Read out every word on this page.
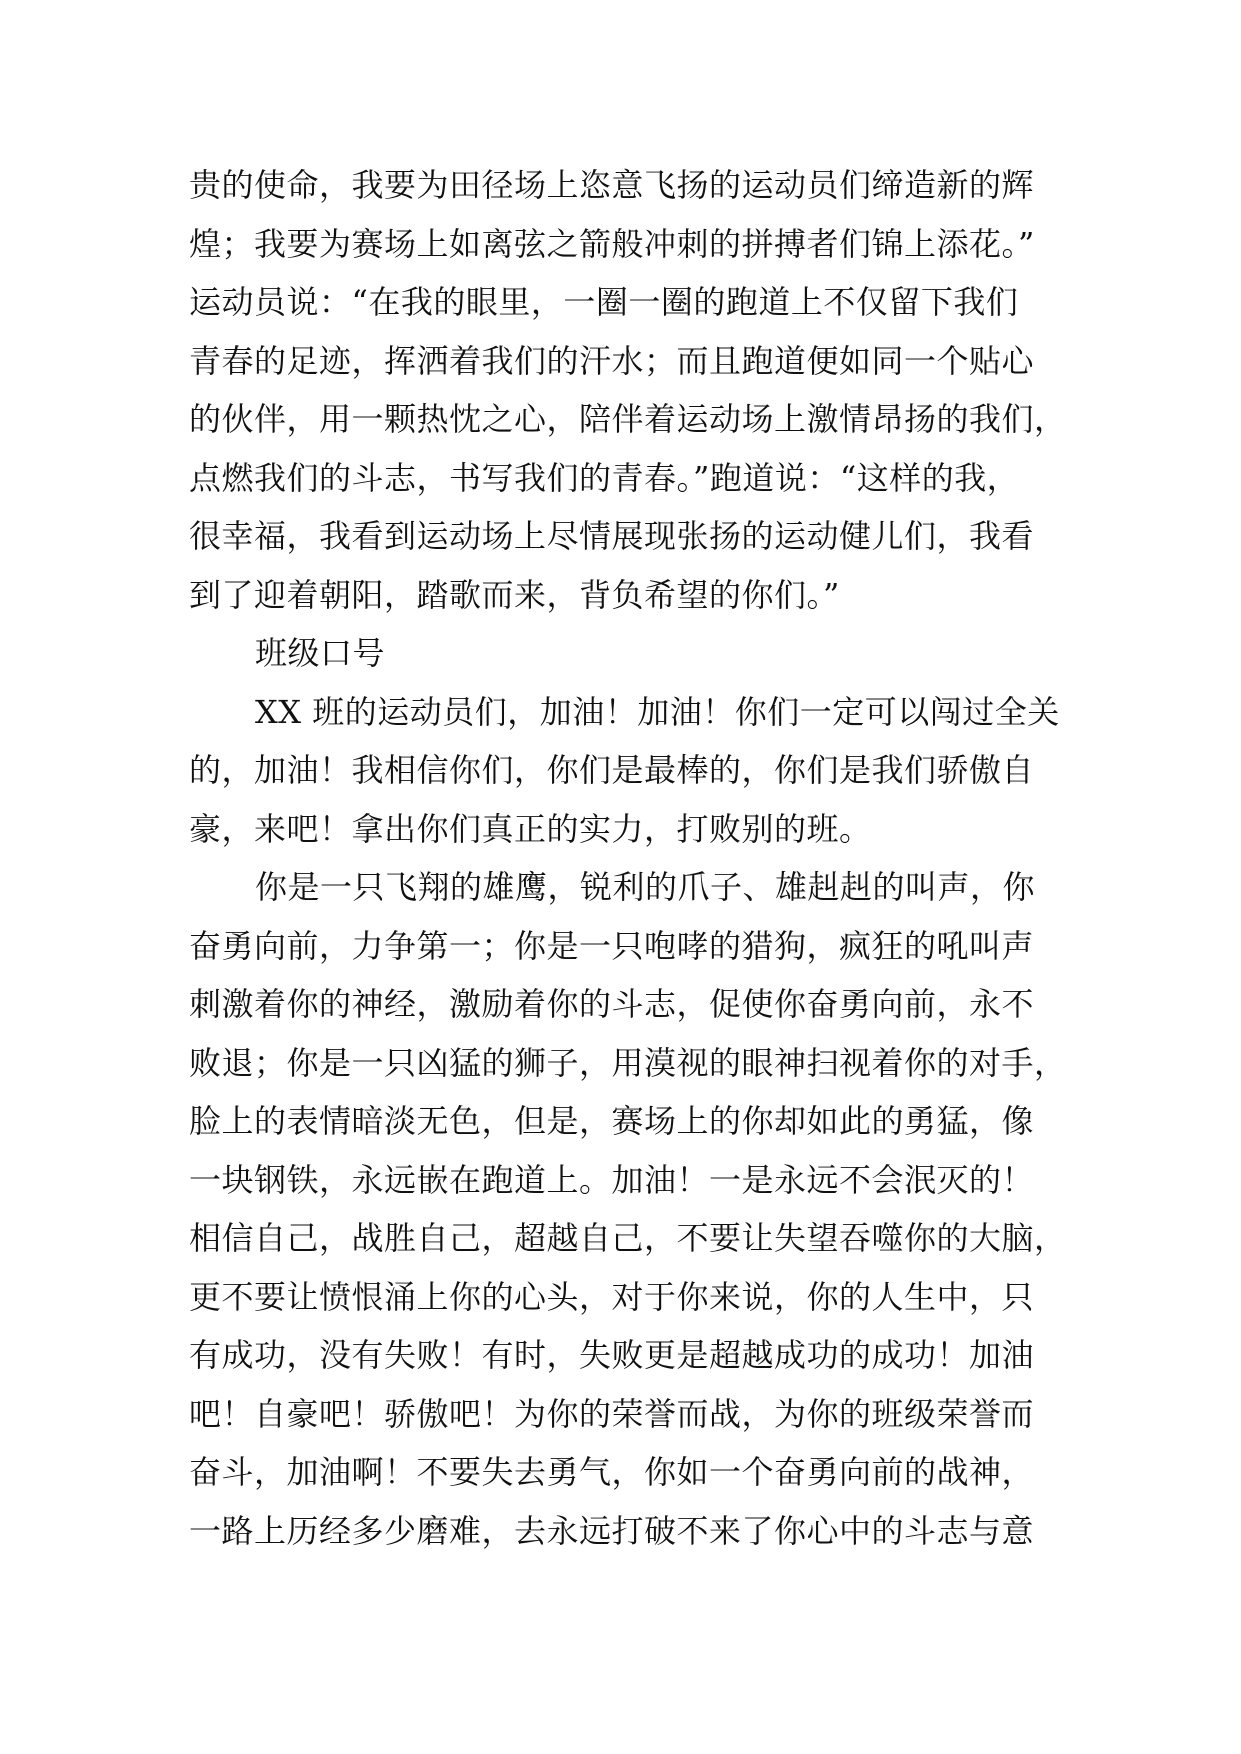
贵的使命，我要为田径场上恣意飞扬的运动员们缔造新的辉
煌；我要为赛场上如离弦之箭般冲刺的拼搏者们锦上添花。”
运动员说：“在我的眼里，一圈一圈的跑道上不仅留下我们
青春的足迹，挥洒着我们的汗水；而且跑道便如同一个贴心
的伙伴，用一颗热忱之心，陪伴着运动场上激情昂扬的我们，
点燃我们的斗志，书写我们的青春。”跑道说：“这样的我，
很幸福，我看到运动场上尽情展现张扬的运动健儿们，我看
到了迎着朝阳，踏歌而来，背负希望的你们。”
班级口号
XX 班的运动员们，加油！加油！你们一定可以闯过全关
的，加油！我相信你们，你们是最棒的，你们是我们骄傲自
豪，来吧！拿出你们真正的实力，打败别的班。
你是一只飞翔的雄鹰，锐利的爪子、雄赳赳的叫声，你
奋勇向前，力争第一；你是一只咆哮的猎狗，疯狂的吼叫声
刺激着你的神经，激励着你的斗志，促使你奋勇向前，永不
败退；你是一只凶猛的狮子，用漠视的眼神扫视着你的对手，
脸上的表情暗淡无色，但是，赛场上的你却如此的勇猛，像
一块钢铁，永远嵌在跑道上。加油！一是永远不会泯灭的！
相信自己，战胜自己，超越自己，不要让失望吞噬你的大脑，
更不要让愤恨涌上你的心头，对于你来说，你的人生中，只
有成功，没有失败！有时，失败更是超越成功的成功！加油
吧！自豪吧！骄傲吧！为你的荣誉而战，为你的班级荣誉而
奋斗，加油啊！不要失去勇气，你如一个奋勇向前的战神，
一路上历经多少磨难，去永远打破不来了你心中的斗志与意
